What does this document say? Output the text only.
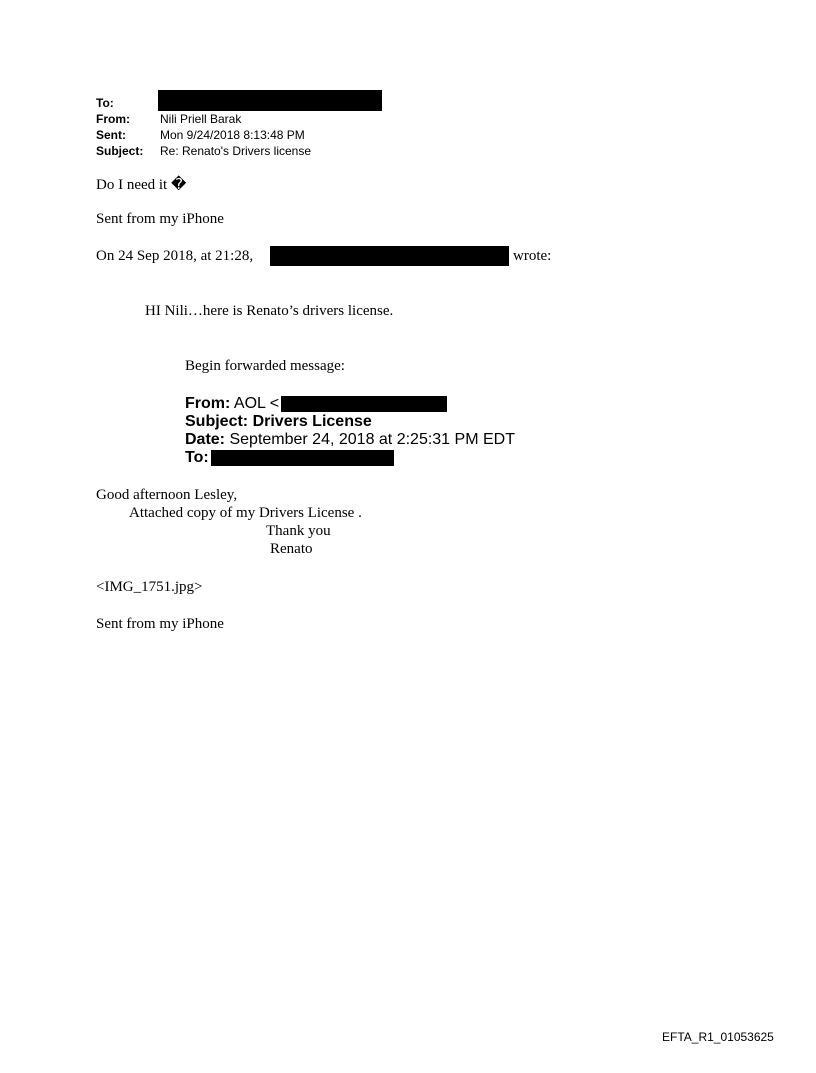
To:
From:	Nili Priell Barak
Sent:	Mon 9/24/2018 8:13:48 PM
Subject: Re: Renato's Drivers license
Do I need it �
Sent from my iPhone
On 24 Sep 2018, at 21:28,	wrote:
HI Nili…here is Renato’s drivers license.
Begin forwarded message:
From: AOL <
Subject: Drivers License
Date: September 24, 2018 at 2:25:31 PM EDT
To:
Good afternoon Lesley,
Attached copy of my Drivers License .
Thank you
Renato
<IMG_1751.jpg>
Sent from my iPhone
EFTA_R1_01053625
